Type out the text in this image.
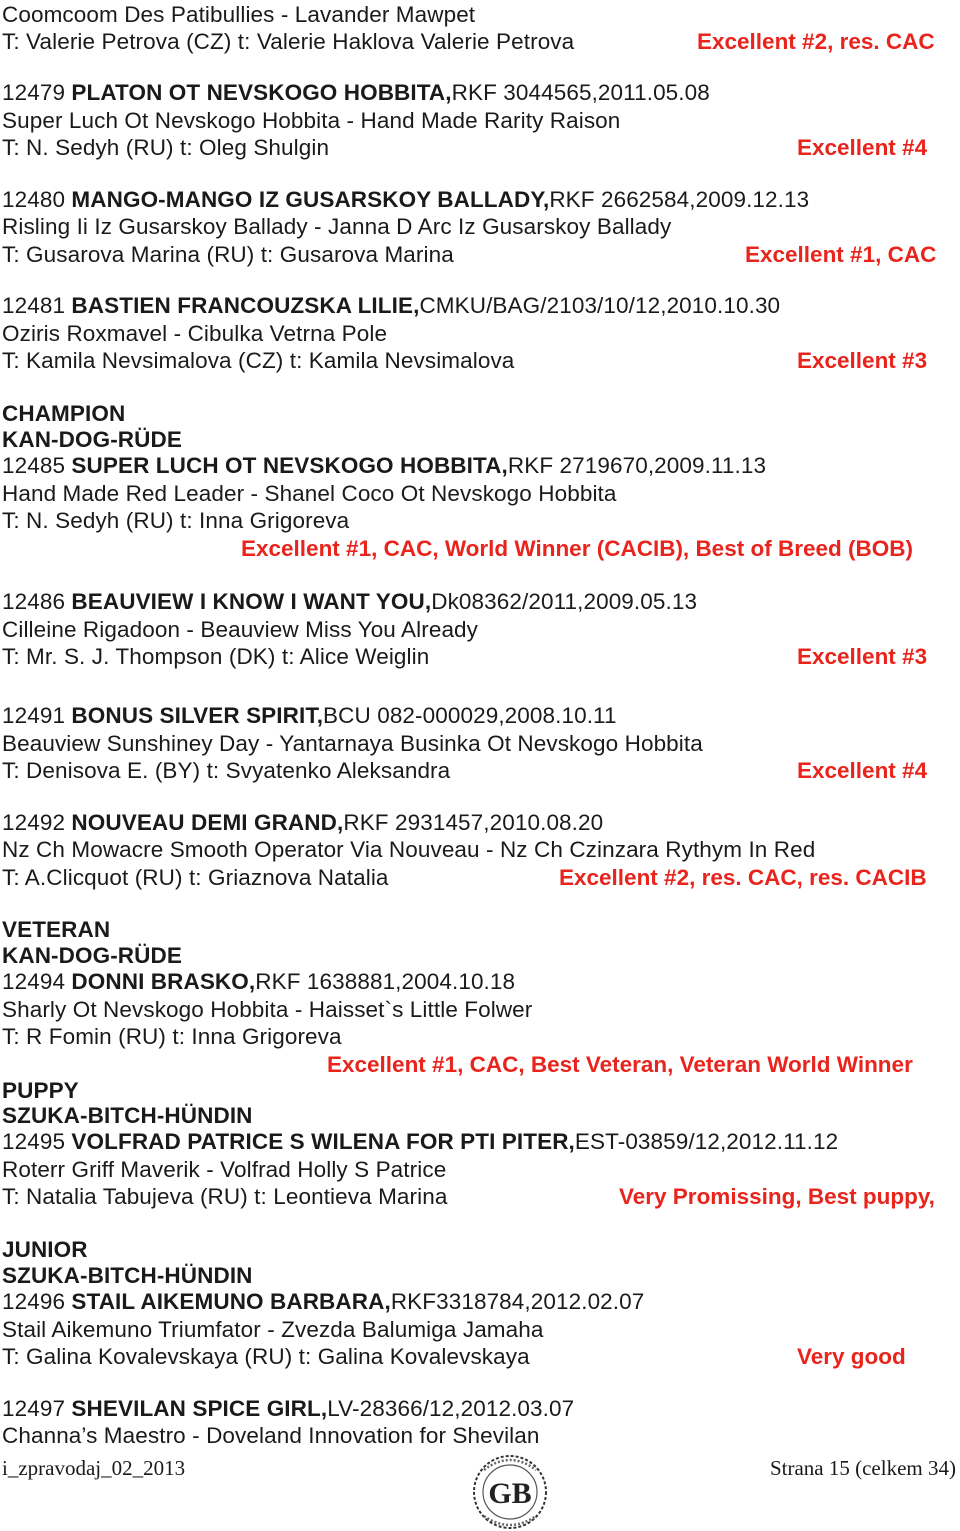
Coomcoom Des Patibullies - Lavander Mawpet
T: Valerie Petrova (CZ) t: Valerie Haklova Valerie Petrova	Excellent #2, res. CAC
12479 PLATON OT NEVSKOGO HOBBITA,RKF 3044565,2011.05.08
Super Luch Ot Nevskogo Hobbita - Hand Made Rarity Raison
T: N. Sedyh (RU) t: Oleg Shulgin	Excellent #4
12480 MANGO-MANGO IZ GUSARSKOY BALLADY,RKF 2662584,2009.12.13
Risling Ii Iz Gusarskoy Ballady - Janna D Arc Iz Gusarskoy Ballady
T: Gusarova Marina (RU) t: Gusarova Marina	Excellent #1, CAC
12481 BASTIEN FRANCOUZSKA LILIE,CMKU/BAG/2103/10/12,2010.10.30
Oziris Roxmavel - Cibulka Vetrna Pole
T: Kamila Nevsimalova (CZ) t: Kamila Nevsimalova	Excellent #3
CHAMPION
KAN-DOG-RÜDE
12485 SUPER LUCH OT NEVSKOGO HOBBITA,RKF 2719670,2009.11.13
Hand Made Red Leader - Shanel Coco Ot Nevskogo Hobbita
T: N. Sedyh (RU) t: Inna Grigoreva
Excellent #1, CAC, World Winner (CACIB), Best of Breed (BOB)
12486 BEAUVIEW I KNOW I WANT YOU,Dk08362/2011,2009.05.13
Cilleine Rigadoon - Beauview Miss You Already
T: Mr. S. J. Thompson (DK) t: Alice Weiglin	Excellent #3
12491 BONUS SILVER SPIRIT,BCU 082-000029,2008.10.11
Beauview Sunshiney Day - Yantarnaya Businka Ot Nevskogo Hobbita
T: Denisova E. (BY) t: Svyatenko Aleksandra	Excellent #4
12492 NOUVEAU DEMI GRAND,RKF 2931457,2010.08.20
Nz Ch Mowacre Smooth Operator Via Nouveau - Nz Ch Czinzara Rythym In Red
T: A.Clicquot (RU) t: Griaznova Natalia	Excellent #2, res. CAC, res. CACIB
VETERAN
KAN-DOG-RÜDE
12494 DONNI BRASKO,RKF 1638881,2004.10.18
Sharly Ot Nevskogo Hobbita - Haisset`s Little Folwer
T: R Fomin (RU) t: Inna Grigoreva
Excellent #1, CAC, Best Veteran, Veteran World Winner
PUPPY
SZUKA-BITCH-HÜNDIN
12495 VOLFRAD PATRICE S WILENA FOR PTI PITER,EST-03859/12,2012.11.12
Roterr Griff Maverik - Volfrad Holly S Patrice
T: Natalia Tabujeva (RU) t: Leontieva Marina	Very Promissing, Best puppy,
JUNIOR
SZUKA-BITCH-HÜNDIN
12496 STAIL AIKEMUNO BARBARA,RKF3318784,2012.02.07
Stail Aikemuno Triumfator - Zvezda Balumiga Jamaha
T: Galina Kovalevskaya (RU) t: Galina Kovalevskaya	Very good
12497 SHEVILAN SPICE GIRL,LV-28366/12,2012.03.07
Channa’s Maestro - Doveland Innovation for Shevilan
i_zpravodaj_02_2013	Strana 15 (celkem 34)
GB
